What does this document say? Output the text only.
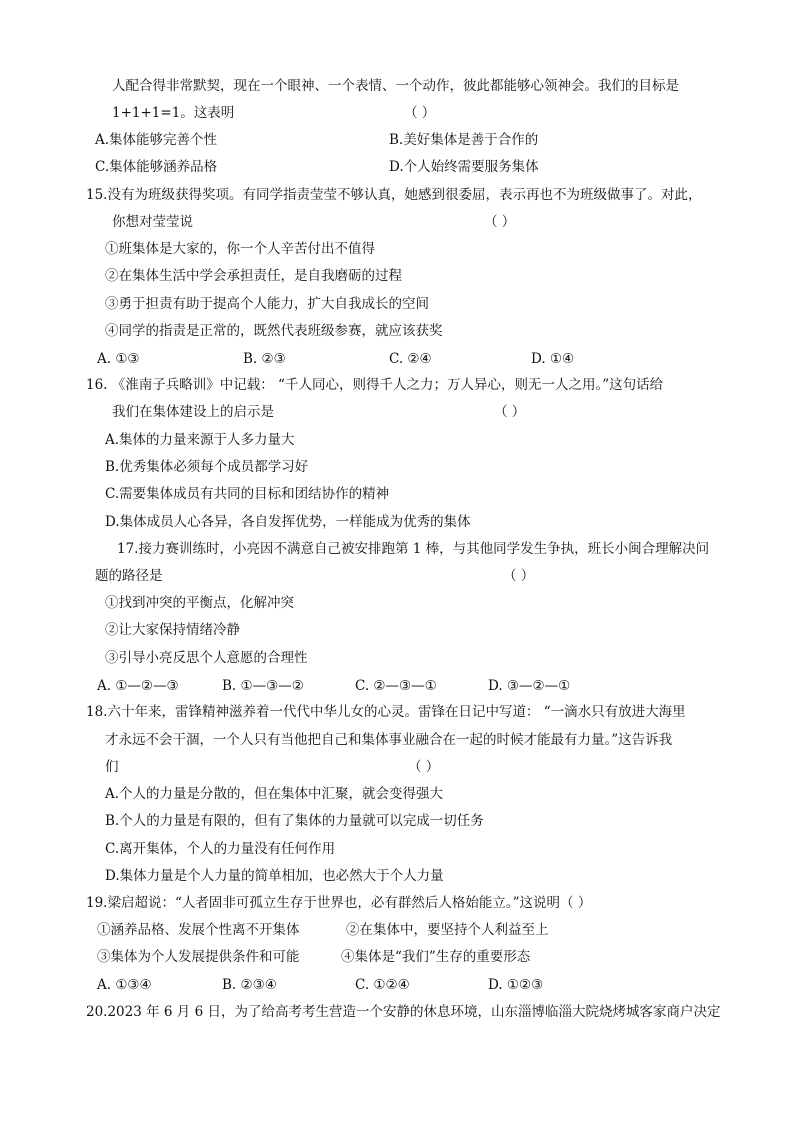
人配合得非常默契，现在一个眼神、一个表情、一个动作，彼此都能够心领神会。我们的目标是
1+1+1=1。这表明	（ ）
A.集体能够完善个性	B.美好集体是善于合作的
C.集体能够涵养品格	D.个人始终需要服务集体
15.没有为班级获得奖项。有同学指责莹莹不够认真，她感到很委屈，表示再也不为班级做事了。对此，
你想对莹莹说	（ ）
①班集体是大家的，你一个人辛苦付出不值得
②在集体生活中学会承担责任，是自我磨砺的过程
③勇于担责有助于提高个人能力，扩大自我成长的空间
④同学的指责是正常的，既然代表班级参赛，就应该获奖
A. ①③	B. ②③	C. ②④	D. ①④
16. 《淮南子兵略训》中记载： “千人同心，则得千人之力；万人异心，则无一人之用。”这句话给
我们在集体建设上的启示是	（ ）
A.集体的力量来源于人多力量大
B.优秀集体必须每个成员都学习好
C.需要集体成员有共同的目标和团结协作的精神
D.集体成员人心各异，各自发挥优势，一样能成为优秀的集体
17.接力赛训练时，小亮因不满意自己被安排跑第 1 棒，与其他同学发生争执，班长小闽合理解决问
题的路径是	（ ）
①找到冲突的平衡点，化解冲突
②让大家保持情绪冷静
③引导小亮反思个人意愿的合理性
A. ①—②—③	B. ①—③—②	C. ②—③—①	D. ③—②—①
18.六十年来，雷锋精神滋养着一代代中华儿女的心灵。雷锋在日记中写道： “一滴水只有放进大海里
才永远不会干涸，一个人只有当他把自己和集体事业融合在一起的时候才能最有力量。”这告诉我
们	（ ）
A.个人的力量是分散的，但在集体中汇聚，就会变得强大
B.个人的力量是有限的，但有了集体的力量就可以完成一切任务
C.离开集体，个人的力量没有任何作用
D.集体力量是个人力量的简单相加，也必然大于个人力量
19.梁启超说：“人者固非可孤立生存于世界也，必有群然后人格始能立。”这说明（ ）
①涵养品格、发展个性离不开集体	②在集体中，要坚持个人利益至上
③集体为个人发展提供条件和可能	④集体是“我们”生存的重要形态
A. ①③④	B. ②③④	C. ①②④	D. ①②③
20.2023 年 6 月 6 日，为了给高考考生营造一个安静的休息环境，山东淄博临淄大院烧烤城客家商户决定
